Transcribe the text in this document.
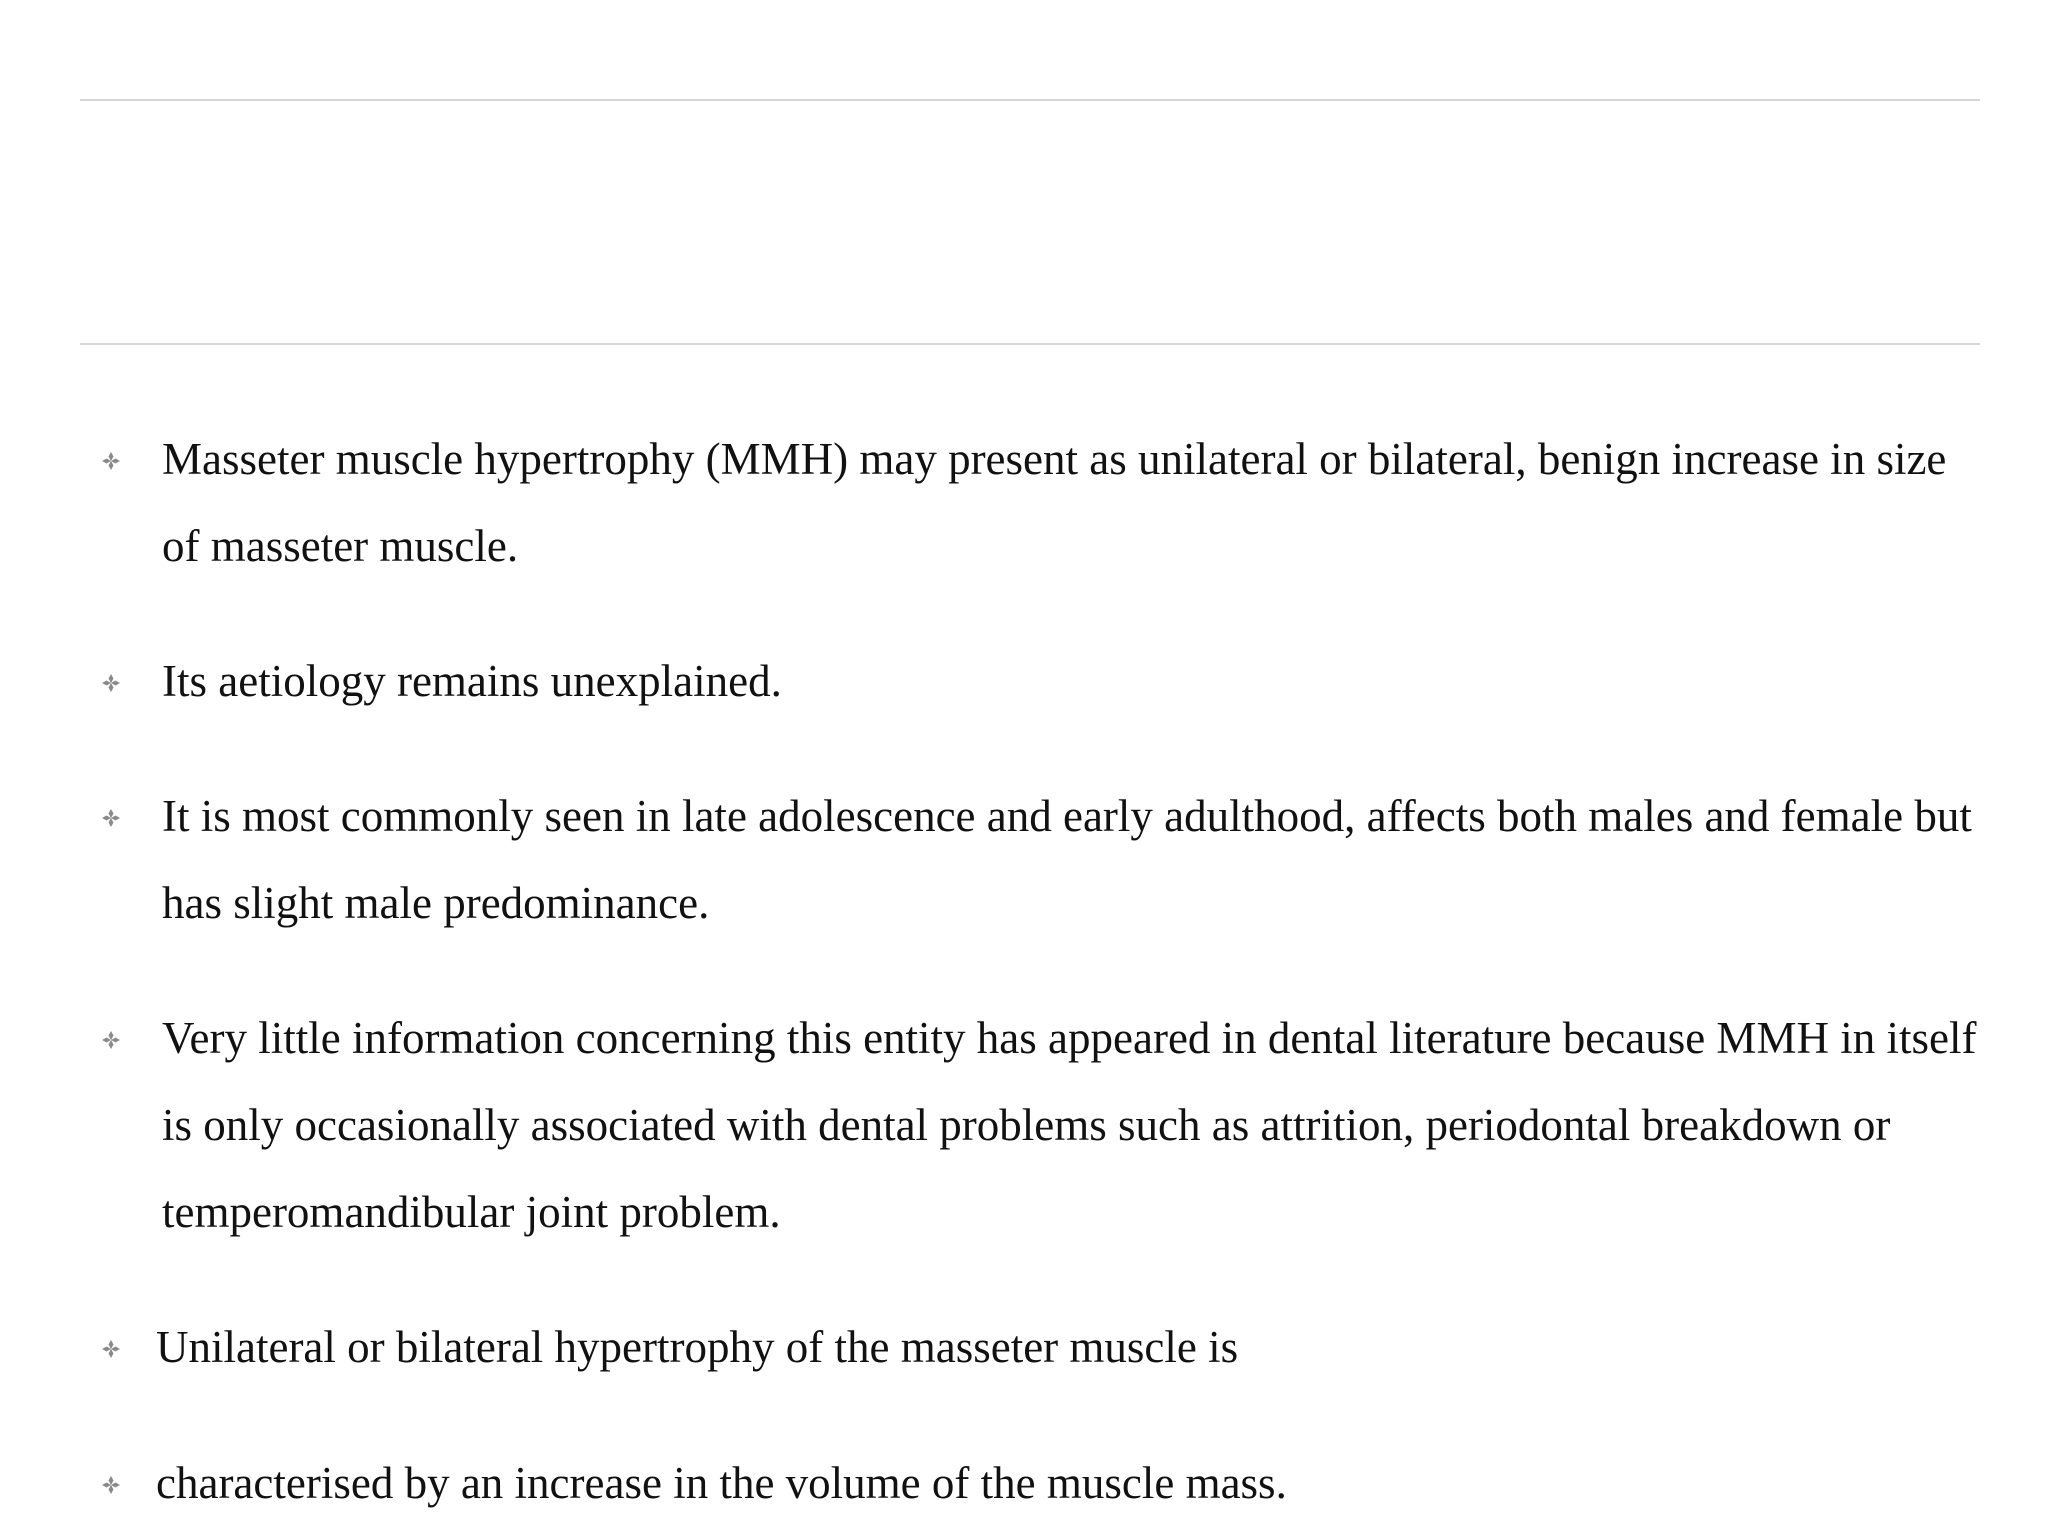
Masseter muscle hypertrophy (MMH) may present as unilateral or bilateral, benign increase in size of masseter muscle.
Its aetiology remains unexplained.
It is most commonly seen in late adolescence and early adulthood, affects both males and female but has slight male predominance.
Very little information concerning this entity has appeared in dental literature because MMH in itself is only occasionally associated with dental problems such as attrition, periodontal breakdown or temperomandibular joint problem.
Unilateral or bilateral hypertrophy of the masseter muscle is
characterised by an increase in the volume of the muscle mass.
